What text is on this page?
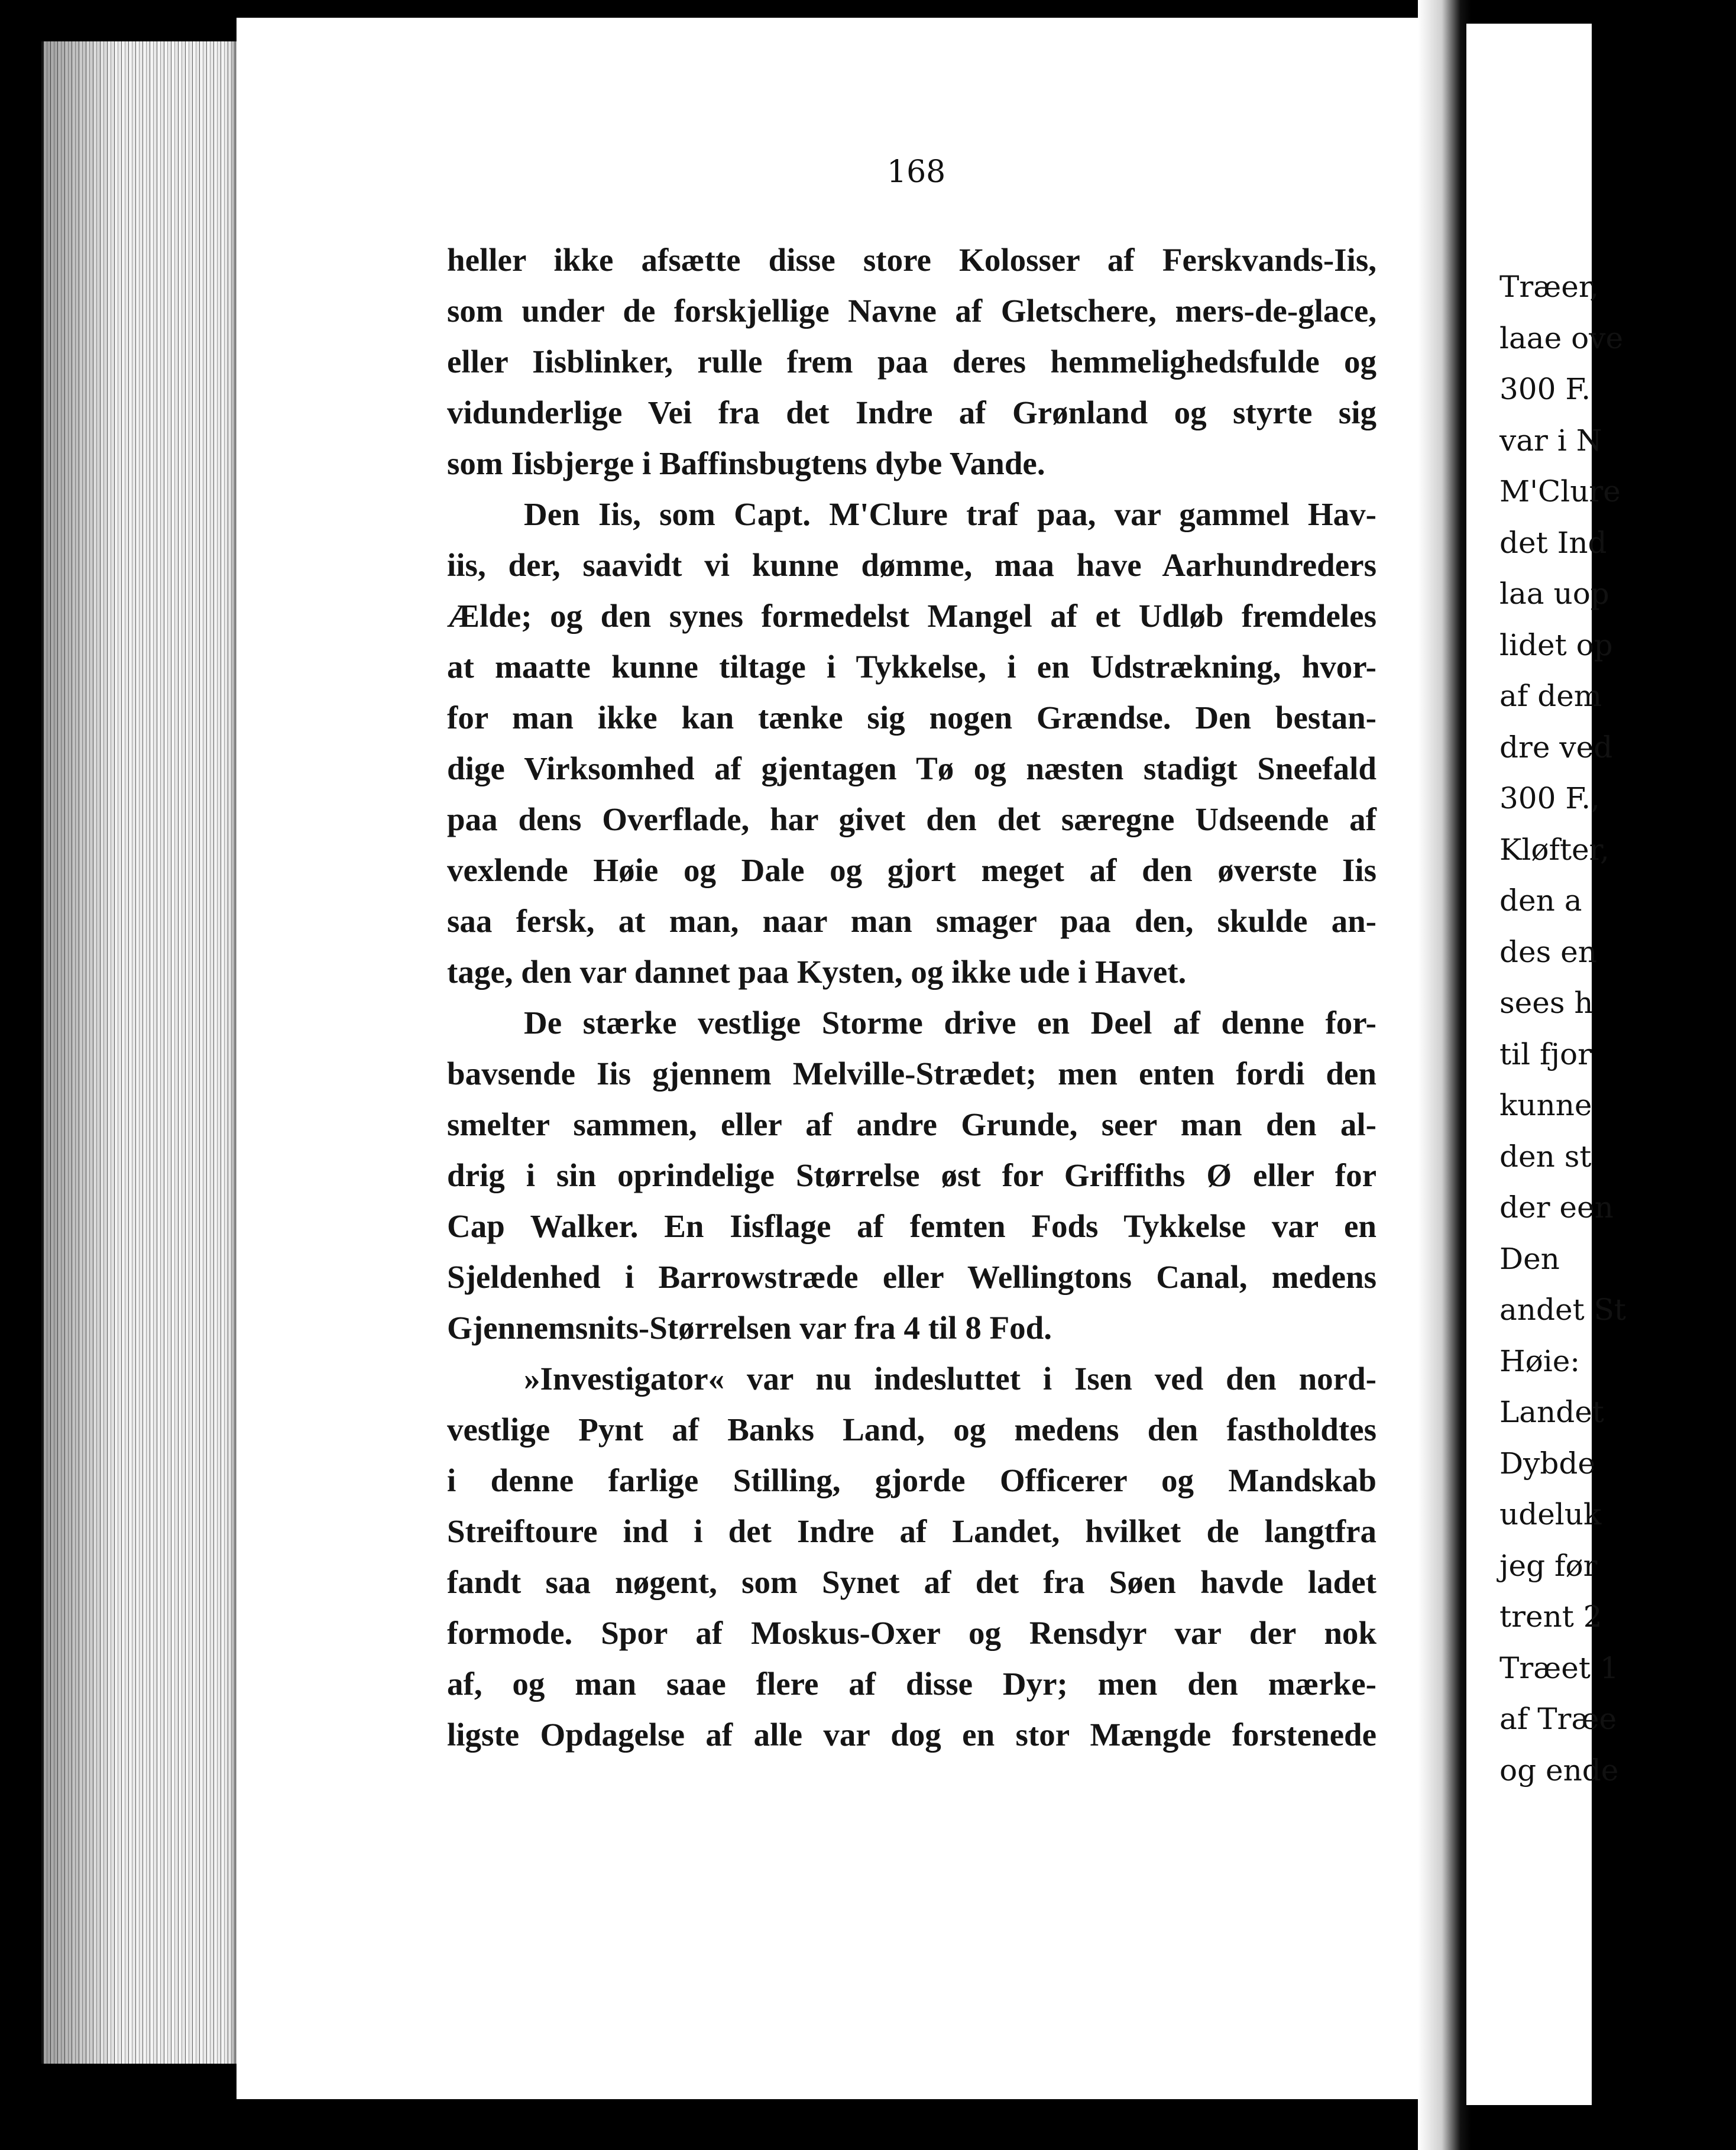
168
heller ikke afsætte disse store Kolosser af Ferskvands-Iis,
som under de forskjellige Navne af Gletschere, mers-de-glace,
eller Iisblinker, rulle frem paa deres hemmelighedsfulde og
vidunderlige Vei fra det Indre af Grønland og styrte sig
som Iisbjerge i Baffinsbugtens dybe Vande.
Den Iis, som Capt. M'Clure traf paa, var gammel Hav-
iis, der, saavidt vi kunne dømme, maa have Aarhundreders
Ælde; og den synes formedelst Mangel af et Udløb fremdeles
at maatte kunne tiltage i Tykkelse, i en Udstrækning, hvor-
for man ikke kan tænke sig nogen Grændse. Den bestan-
dige Virksomhed af gjentagen Tø og næsten stadigt Sneefald
paa dens Overflade, har givet den det særegne Udseende af
vexlende Høie og Dale og gjort meget af den øverste Iis
saa fersk, at man, naar man smager paa den, skulde an-
tage, den var dannet paa Kysten, og ikke ude i Havet.
De stærke vestlige Storme drive en Deel af denne for-
bavsende Iis gjennem Melville-Strædet; men enten fordi den
smelter sammen, eller af andre Grunde, seer man den al-
drig i sin oprindelige Størrelse øst for Griffiths Ø eller for
Cap Walker. En Iisflage af femten Fods Tykkelse var en
Sjeldenhed i Barrowstræde eller Wellingtons Canal, medens
Gjennemsnits-Størrelsen var fra 4 til 8 Fod.
»Investigator« var nu indesluttet i Isen ved den nord-
vestlige Pynt af Banks Land, og medens den fastholdtes
i denne farlige Stilling, gjorde Officerer og Mandskab
Streiftoure ind i det Indre af Landet, hvilket de langtfra
fandt saa nøgent, som Synet af det fra Søen havde ladet
formode. Spor af Moskus-Oxer og Rensdyr var der nok
af, og man saae flere af disse Dyr; men den mærke-
ligste Opdagelse af alle var dog en stor Mængde forstenede
Træer,
laae ove
300 F.
var i N
M'Clure
det Ind
laa uop
lidet op
af dem
dre ved
300 F.,
Kløfter,
den a
des en
sees h
til fjor
kunne
den st
der een
Den
andet St
Høie:
Landet
Dybde
udeluk
jeg før
trent 2
Træet 1
af Træe
og ende
